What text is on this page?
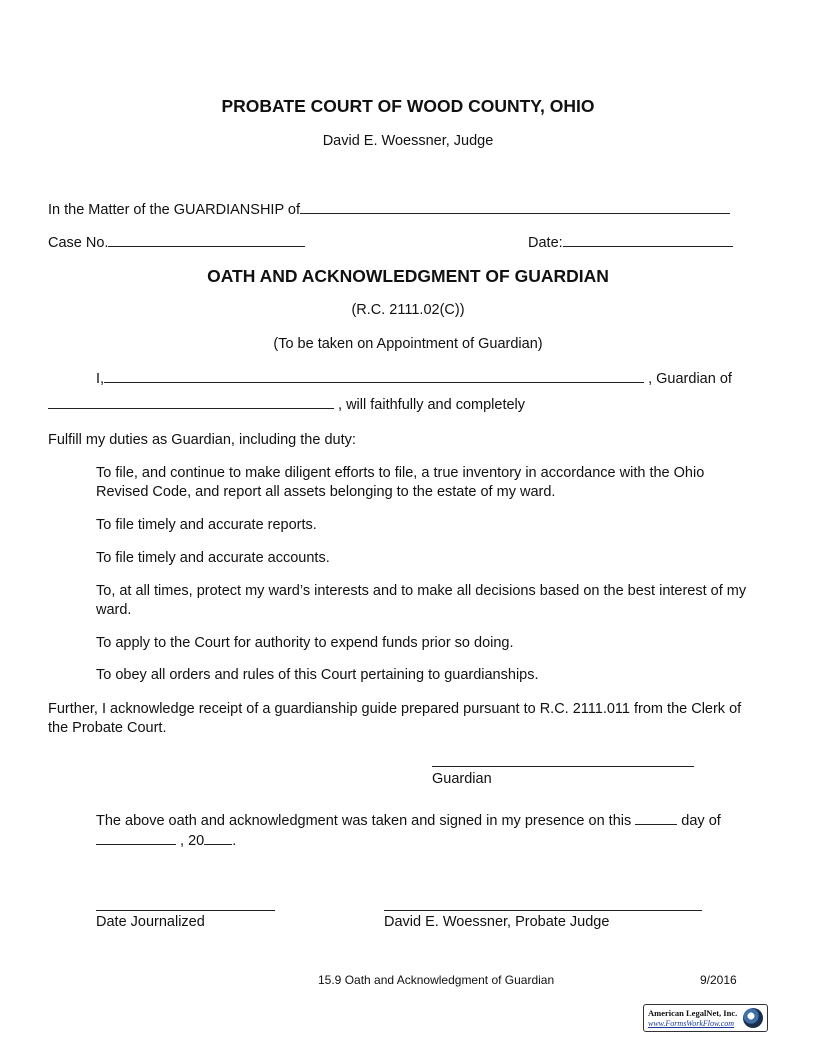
PROBATE COURT OF WOOD COUNTY, OHIO
David E. Woessner, Judge
In the Matter of the GUARDIANSHIP of
Case No.	Date:
OATH AND ACKNOWLEDGMENT OF GUARDIAN
(R.C. 2111.02(C))
(To be taken on Appointment of Guardian)
I,	, Guardian of
, will faithfully and completely
Fulfill my duties as Guardian, including the duty:
To file, and continue to make diligent efforts to file, a true inventory in accordance with the Ohio Revised Code, and report all assets belonging to the estate of my ward.
To file timely and accurate reports.
To file timely and accurate accounts.
To, at all times, protect my ward’s interests and to make all decisions based on the best interest of my ward.
To apply to the Court for authority to expend funds prior so doing.
To obey all orders and rules of this Court pertaining to guardianships.
Further, I acknowledge receipt of a guardianship guide prepared pursuant to R.C. 2111.011 from the Clerk of the Probate Court.
Guardian
The above oath and acknowledgment was taken and signed in my presence on this	day of
, 20 .
Date Journalized	David E. Woessner, Probate Judge
15.9 Oath and Acknowledgment of Guardian	9/2016
American LegalNet, Inc.
www.FormsWorkFlow.com
